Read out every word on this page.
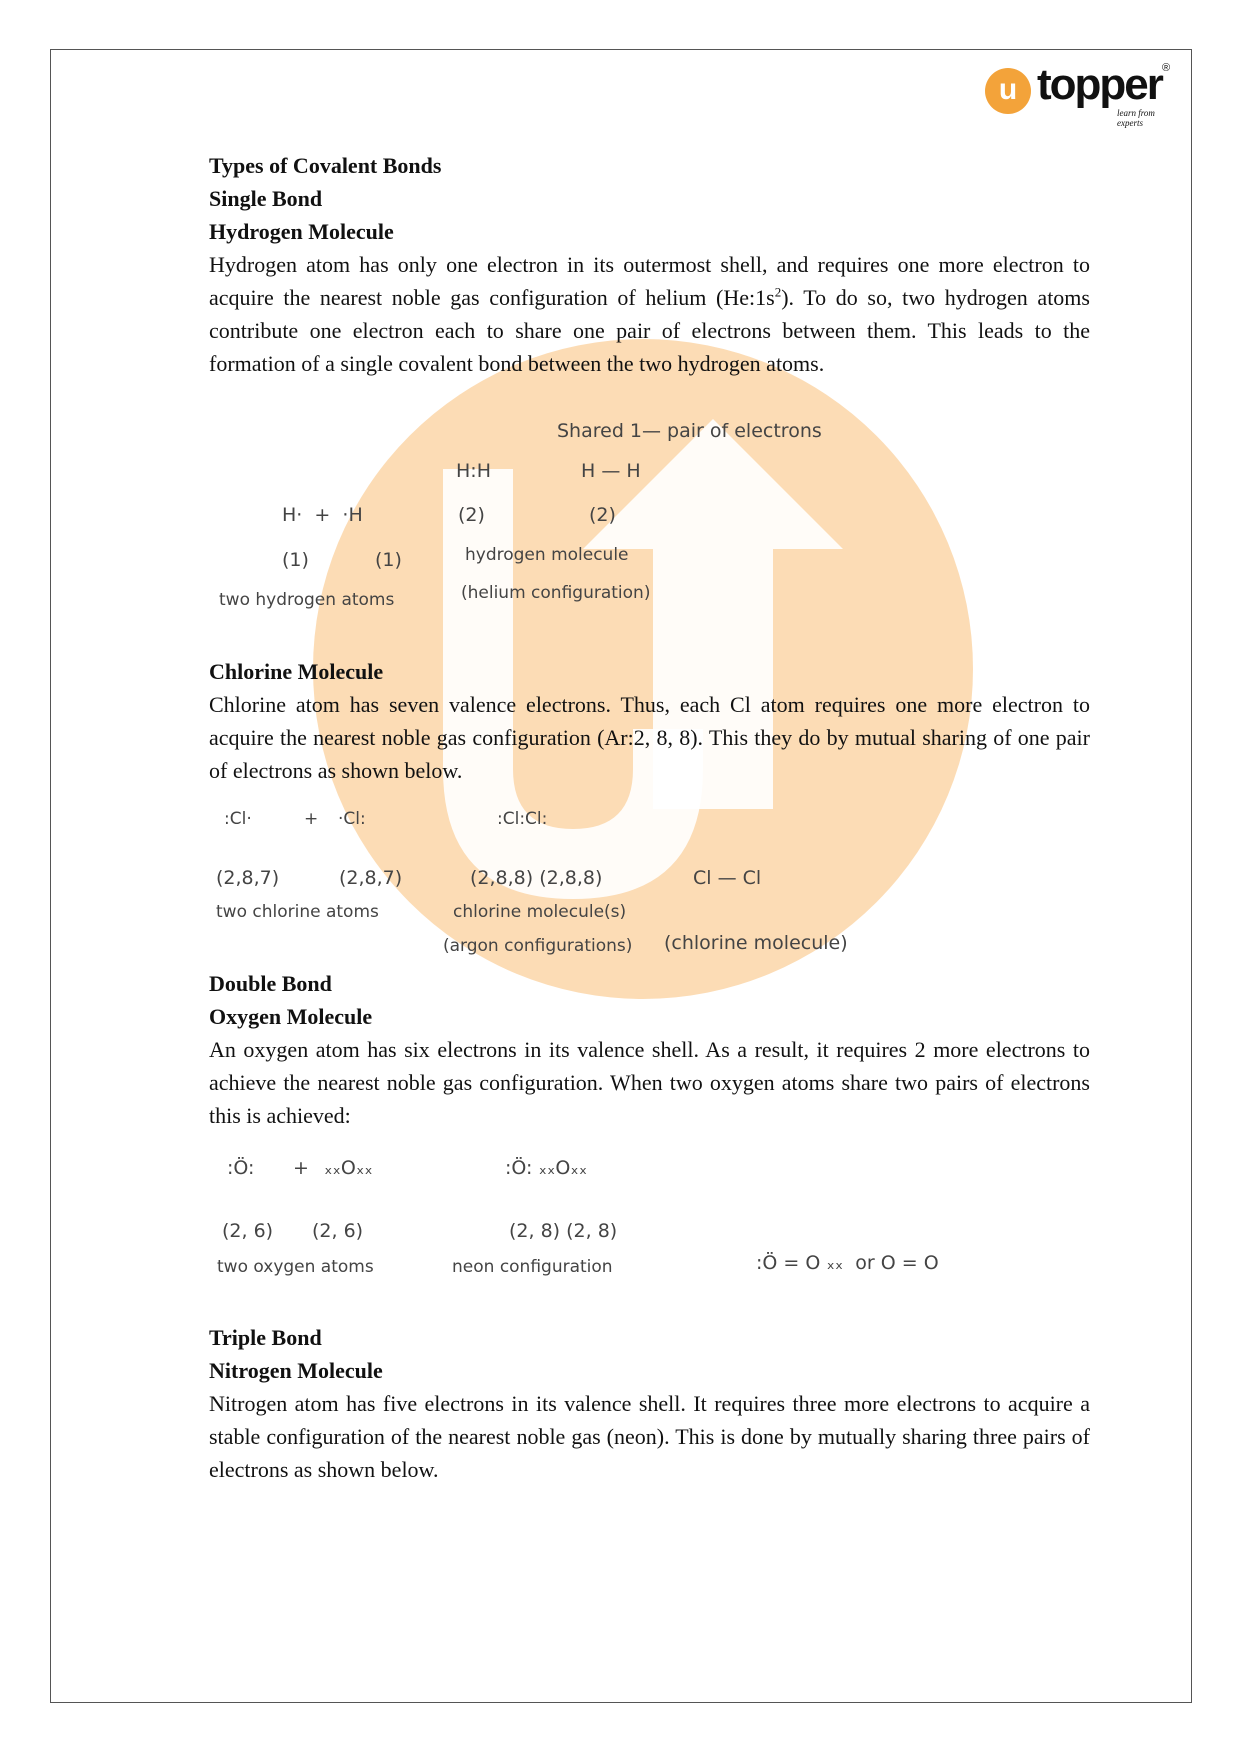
u topper ®
learn from experts
Types of Covalent Bonds
Single Bond
Hydrogen Molecule
Hydrogen atom has only one electron in its outermost shell, and requires one more electron to acquire the nearest noble gas configuration of helium $(He:1s^2)$. To do so, two hydrogen atoms contribute one electron each to share one pair of electrons between them. This leads to the formation of a single covalent bond between the two hydrogen atoms.
Shared 1— pair of electrons
H:H	H — H
H·  +  ·H	(2)	(2)
(1)	(1)	hydrogen molecule
two hydrogen atoms	(helium configuration)
Chlorine Molecule
Chlorine atom has seven valence electrons. Thus, each Cl atom requires one more electron to acquire the nearest noble gas configuration (Ar:2, 8, 8). This they do by mutual sharing of one pair of electrons as shown below.
:Cl·	+ ·Cl:	:Cl:Cl:
(2,8,7)	(2,8,7)	(2,8,8) (2,8,8)	Cl — Cl
two chlorine atoms	chlorine molecule(s)
(argon configurations) (chlorine molecule)
Double Bond
Oxygen Molecule
An oxygen atom has six electrons in its valence shell. As a result, it requires 2 more electrons to achieve the nearest noble gas configuration. When two oxygen atoms share two pairs of electrons this is achieved:
:Ö: + ₓₓOₓₓ	:Ö: ₓₓOₓₓ
(2, 6) (2, 6)	(2, 8) (2, 8)
two oxygen atoms	neon configuration	:Ö = O ₓₓ  or O = O
Triple Bond
Nitrogen Molecule
Nitrogen atom has five electrons in its valence shell. It requires three more electrons to acquire a stable configuration of the nearest noble gas (neon). This is done by mutually sharing three pairs of electrons as shown below.
